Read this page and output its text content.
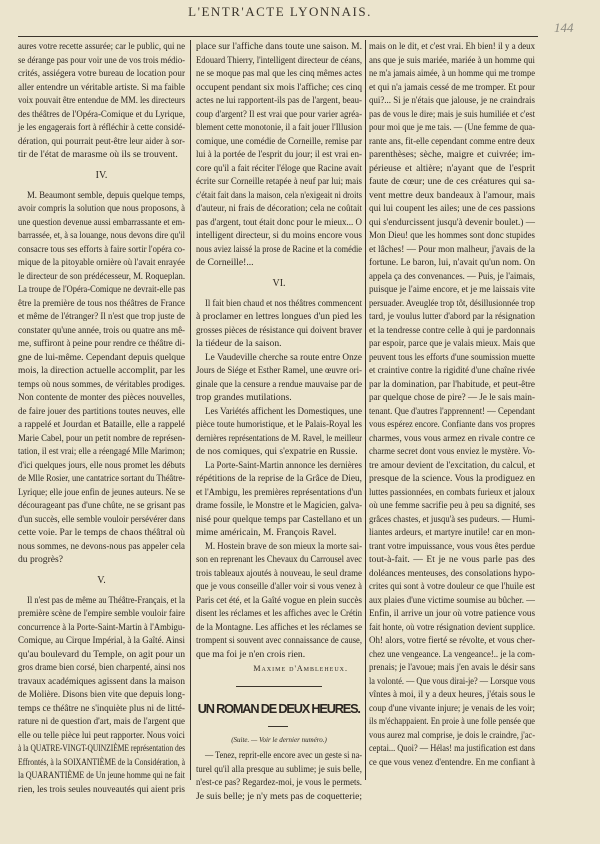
L'ENTR'ACTE LYONNAIS.
144
aures votre recette assurée; car le public, qui ne
se dérange pas pour voir une de vos trois médio-
crités, assiégera votre bureau de location pour
aller entendre un véritable artiste. Si ma faible
voix pouvait être entendue de MM. les directeurs
des théâtres de l'Opéra-Comique et du Lyrique,
je les engagerais fort à réfléchir à cette considé-
dération, qui pourrait peut-être leur aider à sor-
tir de l'état de marasme où ils se trouvent.
IV.
M. Beaumont semble, depuis quelque temps,
avoir compris la solution que nous proposons, à
une question devenue aussi embarrassante et em-
barrassée, et, à sa louange, nous devons dire qu'il
consacre tous ses efforts à faire sortir l'opéra co-
mique de la pitoyable ornière où l'avait enrayée
le directeur de son prédécesseur, M. Roqueplan.
La troupe de l'Opéra-Comique ne devrait-elle pas
être la première de tous nos théâtres de France
et même de l'étranger? Il n'est que trop juste de
constater qu'une année, trois ou quatre ans mê-
me, suffiront à peine pour rendre ce théâtre di-
gne de lui-même. Cependant depuis quelque
mois, la direction actuelle accomplit, par les
temps où nous sommes, de véritables prodiges.
Non contente de monter des pièces nouvelles,
de faire jouer des partitions toutes neuves, elle
a rappelé et Jourdan et Bataille, elle a rappelé
Marie Cabel, pour un petit nombre de représen-
tation, il est vrai; elle a réengagé Mlle Marimon;
d'ici quelques jours, elle nous promet les débuts
de Mlle Rosier, une cantatrice sortant du Théâtre-
Lyrique; elle joue enfin de jeunes auteurs. Ne se
décourageant pas d'une chûte, ne se grisant pas
d'un succès, elle semble vouloir persévérer dans
cette voie. Par le temps de chaos théâtral où
nous sommes, ne devons-nous pas appeler cela
du progrès?
V.
Il n'est pas de même au Théâtre-Français, et la
première scène de l'empire semble vouloir faire
concurrence à la Porte-Saint-Martin à l'Ambigu-
Comique, au Cirque Impérial, à la Gaîté. Ainsi
qu'au boulevard du Temple, on agit pour un
gros drame bien corsé, bien charpenté, ainsi nos
travaux académiques agissent dans la maison
de Molière. Disons bien vite que depuis long-
temps ce théâtre ne s'inquiète plus ni de litté-
rature ni de question d'art, mais de l'argent que
elle ou telle pièce lui peut rapporter. Nous voici
à la QUATRE-VINGT-QUINZIÈME représentation des
Effrontés, à la SOIXANTIÈME de la Considération, à
la QUARANTIÈME de Un jeune homme qui ne fait
rien, les trois seules nouveautés qui aient pris
place sur l'affiche dans toute une saison. M.
Edouard Thierry, l'intelligent directeur de céans,
ne se moque pas mal que les cinq mêmes actes
occupent pendant six mois l'affiche; ces cinq
actes ne lui rapportent-ils pas de l'argent, beau-
coup d'argent? Il est vrai que pour varier agréa-
blement cette monotonie, il a fait jouer l'Illusion
comique, une comédie de Corneille, remise par
lui à la portée de l'esprit du jour; il est vrai en-
core qu'il a fait réciter l'éloge que Racine avait
écrite sur Corneille retapée à neuf par lui; mais
c'était fait dans la maison, cela n'exigeait ni droits
d'auteur, ni frais de décoration; cela ne coûtait
pas d'argent, tout était donc pour le mieux... O
intelligent directeur, si du moins encore vous
nous aviez laissé la prose de Racine et la comédie
de Corneille!...
VI.
Il fait bien chaud et nos théâtres commencent
à proclamer en lettres longues d'un pied les
grosses pièces de résistance qui doivent braver
la tiédeur de la saison.
Le Vaudeville cherche sa route entre Onze
Jours de Siége et Esther Ramel, une œuvre ori-
ginale que la censure a rendue mauvaise par de
trop grandes mutilations.
Les Variétés affichent les Domestiques, une
pièce toute humoristique, et le Palais-Royal les
dernières représentations de M. Ravel, le meilleur
de nos comiques, qui s'expatrie en Russie.
La Porte-Saint-Martin annonce les dernières
répétitions de la reprise de la Grâce de Dieu,
et l'Ambigu, les premières représentations d'un
drame fossile, le Monstre et le Magicien, galva-
nisé pour quelque temps par Castellano et un
mime américain, M. François Ravel.
M. Hostein brave de son mieux la morte sai-
son en reprenant les Chevaux du Carrousel avec
trois tableaux ajoutés à nouveau, le seul drame
que je vous conseille d'aller voir si vous venez à
Paris cet été, et la Gaîté vogue en plein succès
disent les réclames et les affiches avec le Crétin
de la Montagne. Les affiches et les réclames se
trompent si souvent avec connaissance de cause,
que ma foi je n'en crois rien.
Maxime d'Ambleheux.
UN ROMAN DE DEUX HEURES.
(Suite. — Voir le dernier numéro.)
— Tenez, reprit-elle encore avec un geste si na-
turel qu'il alla presque au sublime; je suis belle,
n'est-ce pas? Regardez-moi, je vous le permets.
Je suis belle; je n'y mets pas de coquetterie;
mais on le dit, et c'est vrai. Eh bien! il y a deux
ans que je suis mariée, mariée à un homme qui
ne m'a jamais aimée, à un homme qui me trompe
et qui n'a jamais cessé de me tromper. Et pour
qui?... Si je n'étais que jalouse, je ne craindrais
pas de vous le dire; mais je suis humiliée et c'est
pour moi que je me tais. — (Une femme de qua-
rante ans, fit-elle cependant comme entre deux
parenthèses; sèche, maigre et cuivrée; im-
périeuse et altière; n'ayant que de l'esprit
faute de cœur; une de ces créatures qui sa-
vent mettre deux bandeaux à l'amour, mais
qui lui coupent les ailes; une de ces passions
qui s'endurcissent jusqu'à devenir boulet.) —
Mon Dieu! que les hommes sont donc stupides
et lâches! — Pour mon malheur, j'avais de la
fortune. Le baron, lui, n'avait qu'un nom. On
appela ça des convenances. — Puis, je l'aimais,
puisque je l'aime encore, et je me laissais vite
persuader. Aveuglée trop tôt, désillusionnée trop
tard, je voulus lutter d'abord par la résignation
et la tendresse contre celle à qui je pardonnais
par espoir, parce que je valais mieux. Mais que
peuvent tous les efforts d'une soumission muette
et craintive contre la rigidité d'une chaîne rivée
par la domination, par l'habitude, et peut-être
par quelque chose de pire? — Je le sais main-
tenant. Que d'autres l'apprennent! — Cependant
vous espérez encore. Confiante dans vos propres
charmes, vous vous armez en rivale contre ce
charme secret dont vous enviez le mystère. Vo-
tre amour devient de l'excitation, du calcul, et
presque de la science. Vous la prodiguez en
luttes passionnées, en combats furieux et jaloux
où une femme sacrifie peu à peu sa dignité, ses
grâces chastes, et jusqu'à ses pudeurs. — Humi-
liantes ardeurs, et martyre inutile! car en mon-
trant votre impuissance, vous vous êtes perdue
tout-à-fait. — Et je ne vous parle pas des
doléances menteuses, des consolations hypo-
crites qui sont à votre douleur ce que l'huile est
aux plaies d'une victime soumise au bûcher. —
Enfin, il arrive un jour où votre patience vous
fait honte, où votre résignation devient supplice.
Oh! alors, votre fierté se révolte, et vous cher-
chez une vengeance. La vengeance!.. je la com-
prenais; je l'avoue; mais j'en avais le désir sans
la volonté. — Que vous dirai-je? — Lorsque vous
vîntes à moi, il y a deux heures, j'étais sous le
coup d'une vivante injure; je venais de les voir;
ils m'échappaient. En proie à une folle pensée que
vous aurez mal comprise, je dois le craindre, j'ac-
ceptai... Quoi? — Hélas! ma justification est dans
ce que vous venez d'entendre. En me confiant à
